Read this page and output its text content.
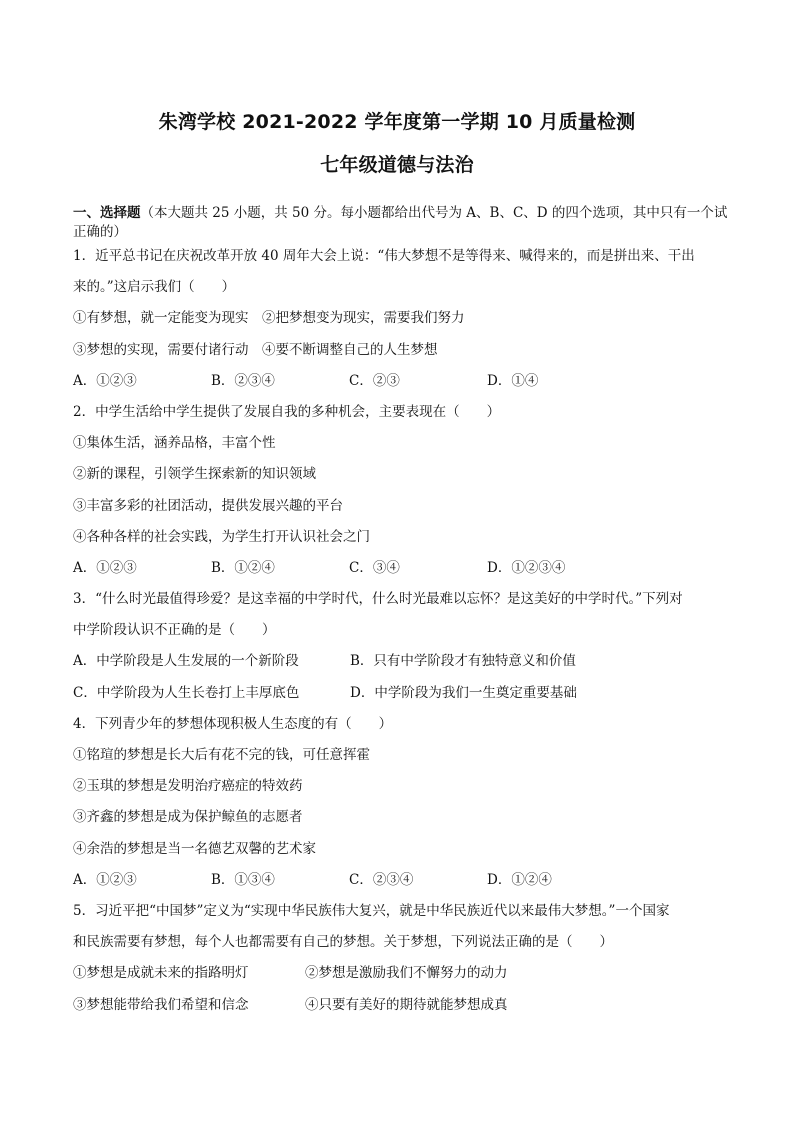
朱湾学校 2021-2022 学年度第一学期 10 月质量检测
七年级道德与法治
一、选择题（本大题共 25 小题，共 50 分。每小题都给出代号为 A、B、C、D 的四个选项，其中只有一个试正确的）
1．近平总书记在庆祝改革开放 40 周年大会上说：“伟大梦想不是等得来、喊得来的，而是拼出来、干出
来的。”这启示我们（　　）
①有梦想，就一定能变为现实　②把梦想变为现实，需要我们努力
③梦想的实现，需要付诸行动　④要不断调整自己的人生梦想
A．①②③	B．②③④	C．②③	D．①④
2．中学生活给中学生提供了发展自我的多种机会，主要表现在（　　）
①集体生活，涵养品格，丰富个性
②新的课程，引领学生探索新的知识领域
③丰富多彩的社团活动，提供发展兴趣的平台
④各种各样的社会实践，为学生打开认识社会之门
A．①②③	B．①②④	C．③④	D．①②③④
3．“什么时光最值得珍爱？是这幸福的中学时代，什么时光最难以忘怀？是这美好的中学时代。”下列对
中学阶段认识不正确的是（　　）
A．中学阶段是人生发展的一个新阶段	B．只有中学阶段才有独特意义和价值
C．中学阶段为人生长卷打上丰厚底色	D．中学阶段为我们一生奠定重要基础
4．下列青少年的梦想体现积极人生态度的有（　　）
①铭瑄的梦想是长大后有花不完的钱，可任意挥霍
②玉琪的梦想是发明治疗癌症的特效药
③齐鑫的梦想是成为保护鲸鱼的志愿者
④余浩的梦想是当一名德艺双馨的艺术家
A．①②③	B．①③④	C．②③④	D．①②④
5．习近平把“中国梦”定义为“实现中华民族伟大复兴，就是中华民族近代以来最伟大梦想。”一个国家
和民族需要有梦想，每个人也都需要有自己的梦想。关于梦想，下列说法正确的是（　　）
①梦想是成就未来的指路明灯	②梦想是激励我们不懈努力的动力
③梦想能带给我们希望和信念	④只要有美好的期待就能梦想成真
